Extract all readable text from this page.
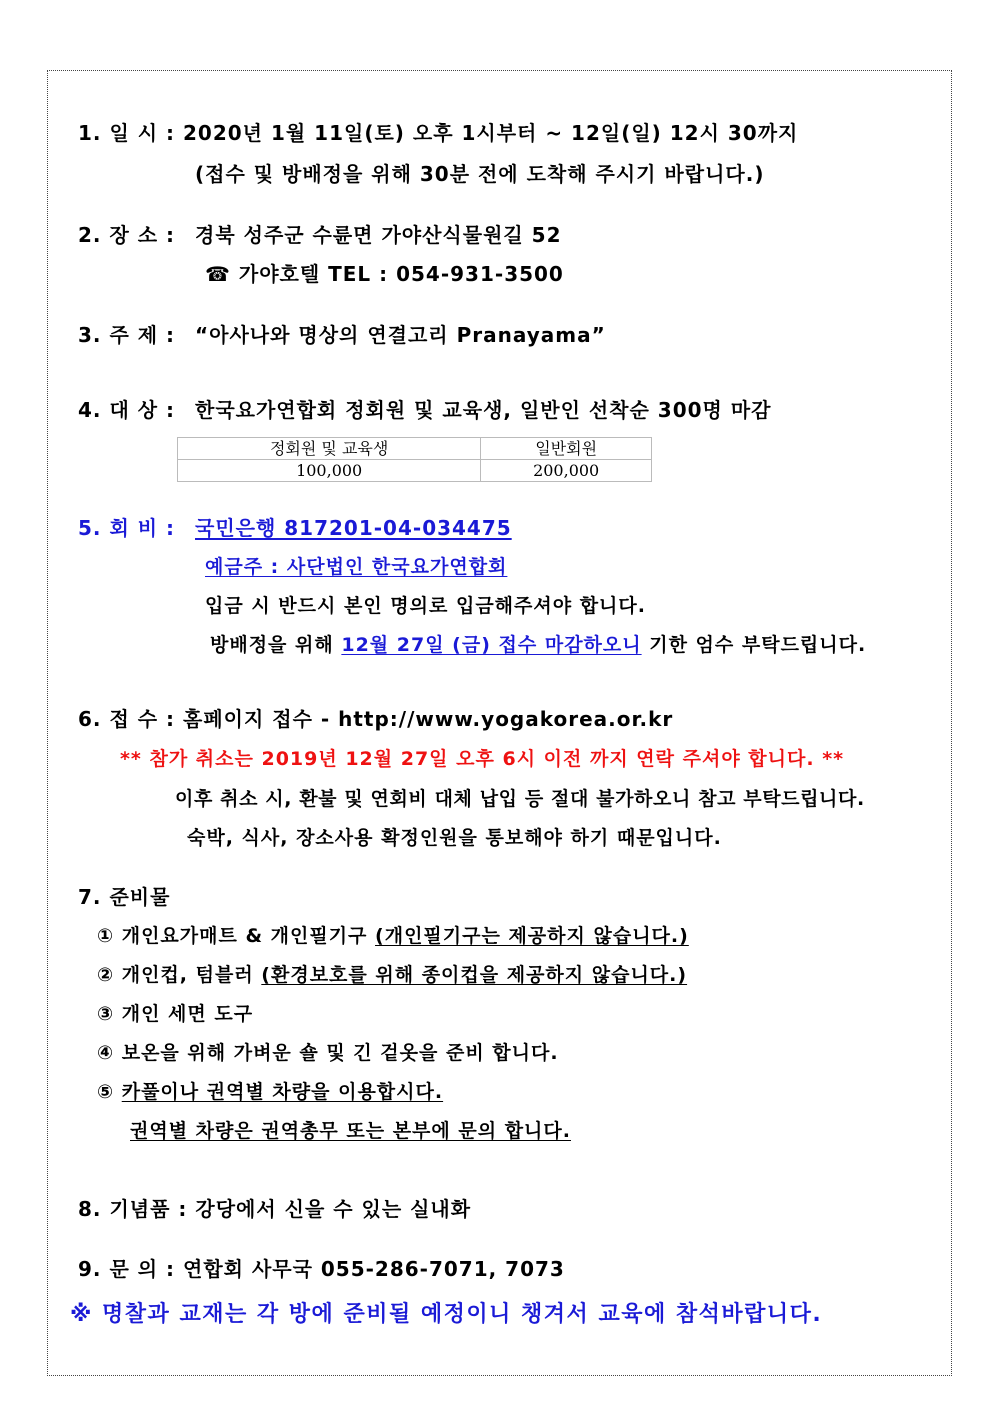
1. 일 시 : 2020년 1월 11일(토) 오후 1시부터 ~ 12일(일) 12시 30까지
(접수 및 방배정을 위해 30분 전에 도착해 주시기 바랍니다.)
2. 장 소 : 경북 성주군 수륜면 가야산식물원길 52
☎ 가야호텔 TEL : 054-931-3500
3. 주 제 : “아사나와 명상의 연결고리 Pranayama”
4. 대 상 : 한국요가연합회 정회원 및 교육생, 일반인 선착순 300명 마감
정회원 및 교육생	일반회원
100,000	200,000
5. 회 비 : 국민은행 817201-04-034475
예금주 : 사단법인 한국요가연합회
입금 시 반드시 본인 명의로 입금해주셔야 합니다.
방배정을 위해 12월 27일 (금) 접수 마감하오니 기한 엄수 부탁드립니다.
6. 접 수 : 홈페이지 접수 - http://www.yogakorea.or.kr
** 참가 취소는 2019년 12월 27일 오후 6시 이전 까지 연락 주셔야 합니다. **
이후 취소 시, 환불 및 연회비 대체 납입 등 절대 불가하오니 참고 부탁드립니다.
숙박, 식사, 장소사용 확정인원을 통보해야 하기 때문입니다.
7. 준비물
① 개인요가매트 & 개인필기구 (개인필기구는 제공하지 않습니다.)
② 개인컵, 텀블러 (환경보호를 위해 종이컵을 제공하지 않습니다.)
③ 개인 세면 도구
④ 보온을 위해 가벼운 숄 및 긴 겉옷을 준비 합니다.
⑤ 카풀이나 권역별 차량을 이용합시다.
권역별 차량은 권역총무 또는 본부에 문의 합니다.
8. 기념품 : 강당에서 신을 수 있는 실내화
9. 문 의 : 연합회 사무국 055-286-7071, 7073
※ 명찰과 교재는 각 방에 준비될 예정이니 챙겨서 교육에 참석바랍니다.
